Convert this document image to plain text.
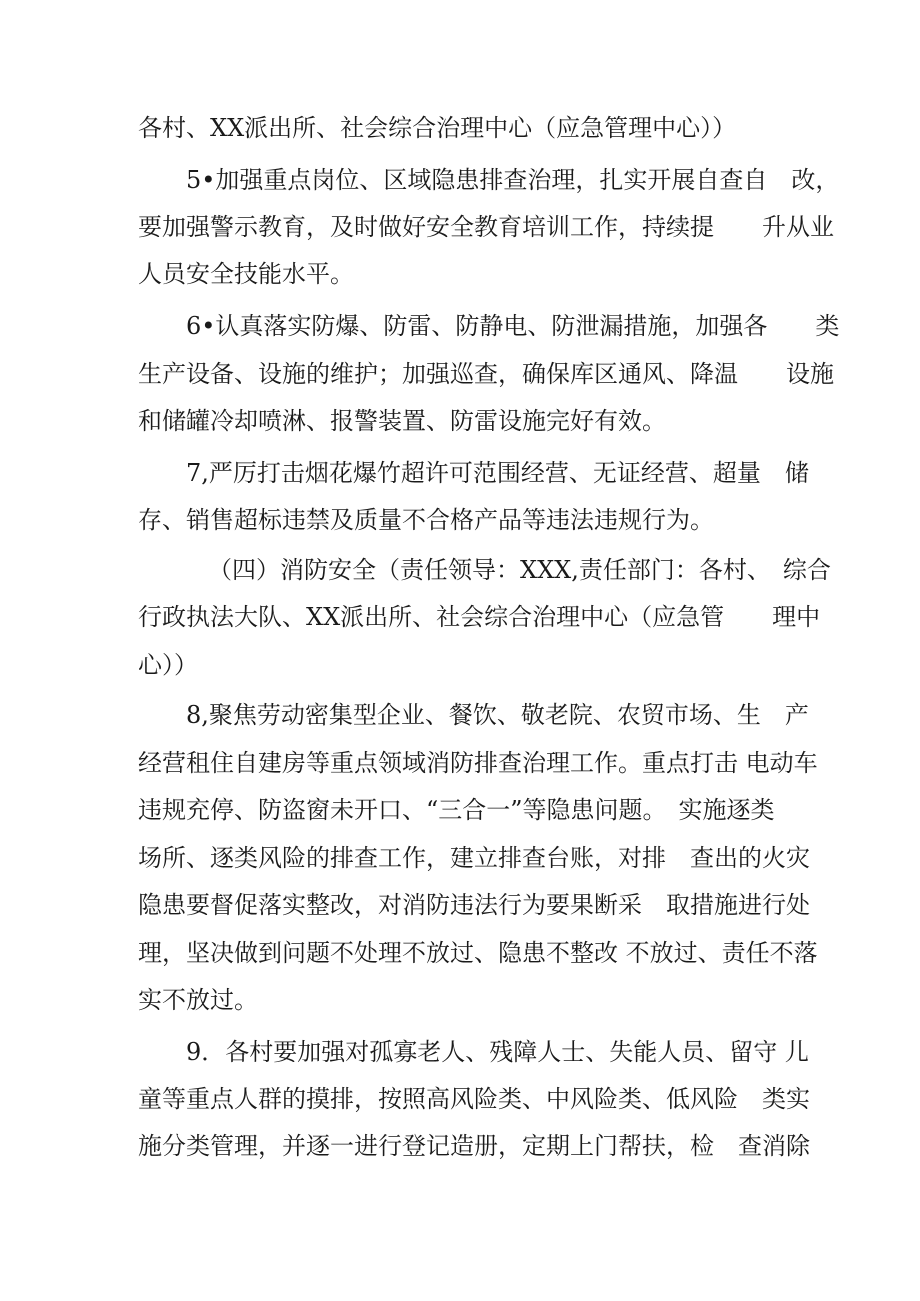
各村、XX派出所、社会综合治理中心（应急管理中心））
5•加强重点岗位、区域隐患排查治理，扎实开展自查自　改，
要加强警示教育，及时做好安全教育培训工作，持续提　　升从业
人员安全技能水平。
6•认真落实防爆、防雷、防静电、防泄漏措施，加强各　　类
生产设备、设施的维护；加强巡查，确保库区通风、降温　　设施
和储罐冷却喷淋、报警装置、防雷设施完好有效。
7,严厉打击烟花爆竹超许可范围经营、无证经营、超量　储
存、销售超标违禁及质量不合格产品等违法违规行为。
（四）消防安全（责任领导：XXX,责任部门：各村、　综合
行政执法大队、XX派出所、社会综合治理中心（应急管　　理中
心））
8,聚焦劳动密集型企业、餐饮、敬老院、农贸市场、生　产
经营租住自建房等重点领域消防排查治理工作。重点打击 电动车
违规充停、防盗窗未开口、“三合一”等隐患问题。　实施逐类
场所、逐类风险的排查工作，建立排查台账，对排　查出的火灾
隐患要督促落实整改，对消防违法行为要果断采　取措施进行处
理，坚决做到问题不处理不放过、隐患不整改 不放过、责任不落
实不放过。
9．各村要加强对孤寡老人、残障人士、失能人员、留守 儿
童等重点人群的摸排，按照高风险类、中风险类、低风险　类实
施分类管理，并逐一进行登记造册，定期上门帮扶，检　查消除
